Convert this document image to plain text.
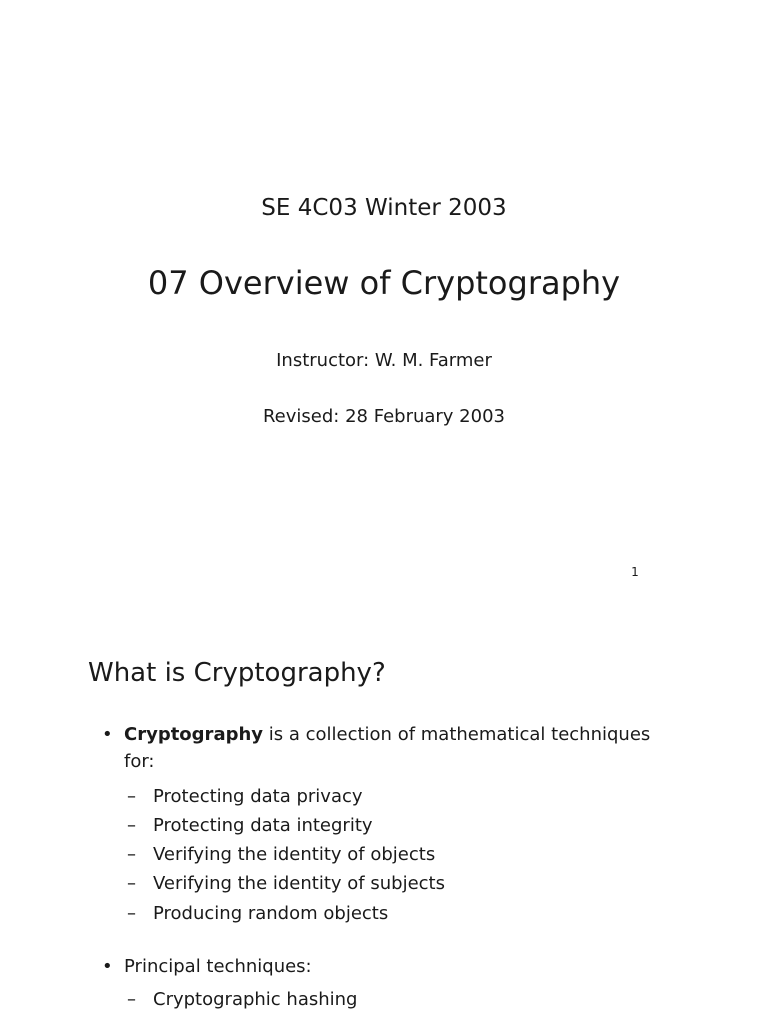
SE 4C03 Winter 2003
07 Overview of Cryptography
Instructor: W. M. Farmer
Revised: 28 February 2003
1
What is Cryptography?
• Cryptography is a collection of mathematical techniques
for:
– Protecting data privacy
– Protecting data integrity
– Verifying the identity of objects
– Verifying the identity of subjects
– Producing random objects
• Principal techniques:
– Cryptographic hashing
